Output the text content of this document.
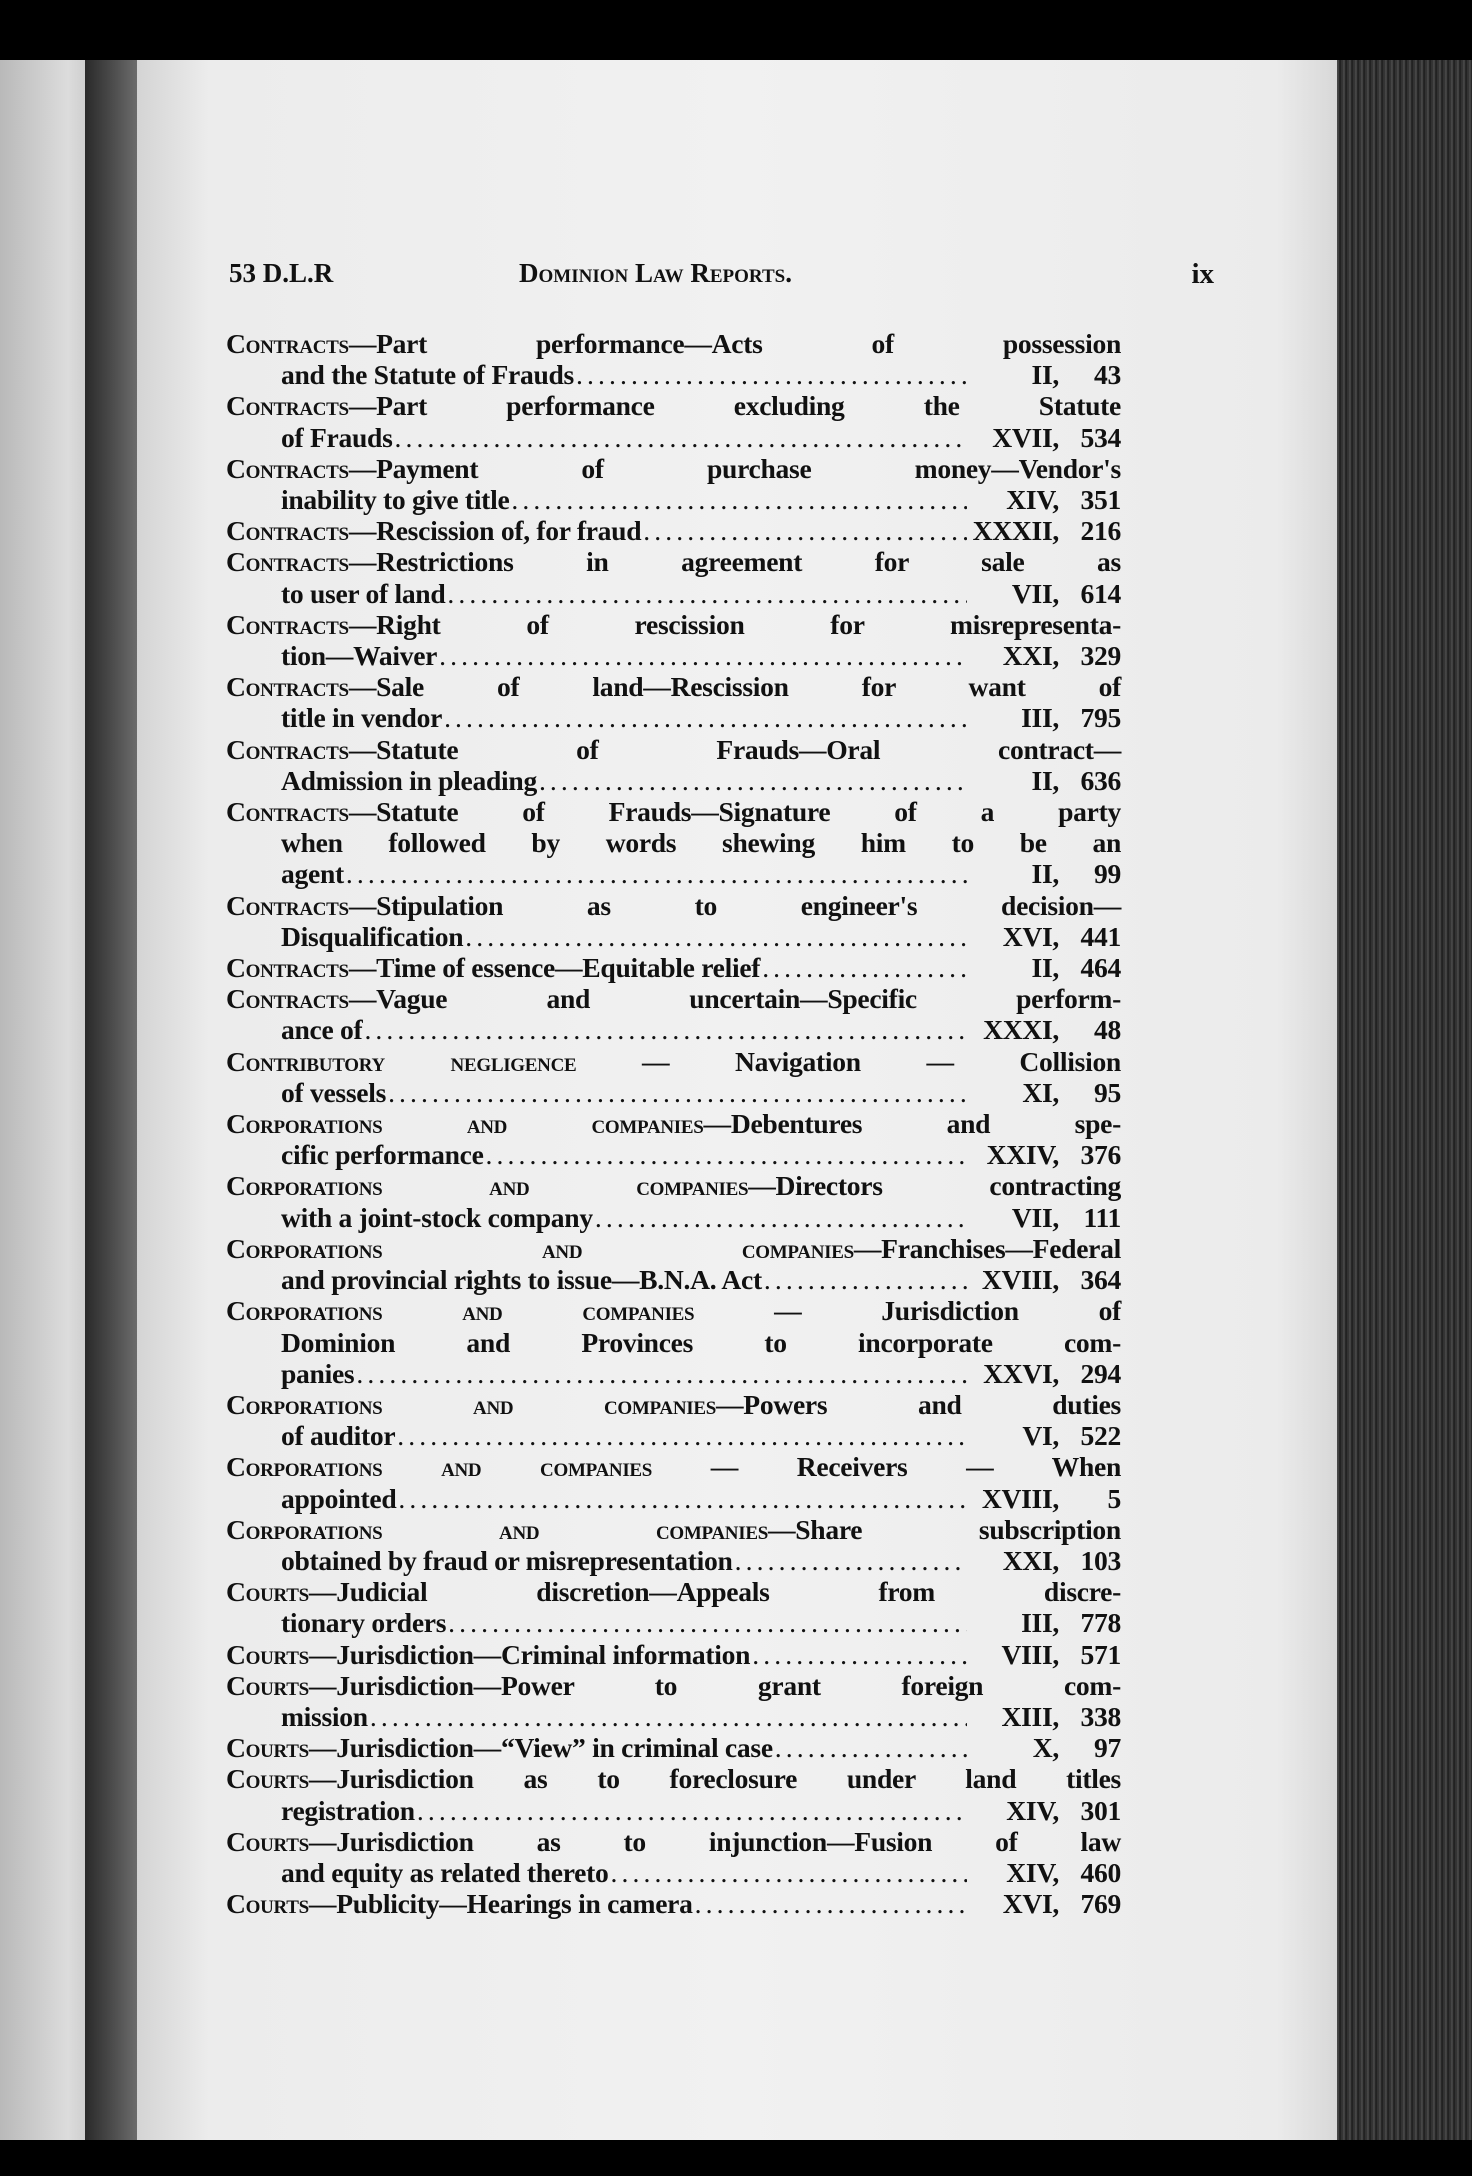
53 D.L.R	Dominion Law Reports.	ix
Contracts—Part performance—Acts of possession
and the Statute of Frauds . . .	II,	43
Contracts—Part performance excluding the Statute
of Frauds . . .	XVII, 534
Contracts—Payment of purchase money—Vendor's
inability to give title . . .	XIV, 351
Contracts —Rescission of, for fraud . . .	XXXII, 216
Contracts—Restrictions in agreement for sale as
to user of land . . .	VII, 614
Contracts—Right of rescission for misrepresenta-
tion—Waiver . . .	XXI, 329
Contracts—Sale of land—Rescission for want of
title in vendor . . .	III, 795
Contracts—Statute of Frauds—Oral contract—
Admission in pleading . . .	II, 636
Contracts—Statute of Frauds—Signature of a party
when followed by words shewing him to be an
agent . . .	II,	99
Contracts—Stipulation as to engineer's decision—
Disqualification . . .	XVI, 441
Contracts —Time of essence—Equitable relief . . .	II, 464
Contracts—Vague and uncertain—Specific perform-
ance of . . .	XXXI,	48
Contributory negligence — Navigation — Collision
of vessels . . .	XI,	95
Corporations and companies—Debentures and spe-
cific performance . . .	XXIV, 376
Corporations and companies—Directors contracting
with a joint-stock company . . .	VII, 111
Corporations and companies—Franchises—Federal
and provincial rights to issue—B.N.A. Act . . .	XVIII, 364
Corporations and companies — Jurisdiction of
Dominion and Provinces to incorporate com-
panies . . .	XXVI, 294
Corporations and companies—Powers and duties
of auditor . . .	VI, 522
Corporations and companies — Receivers — When
appointed . . .	XVIII,	5
Corporations and companies—Share subscription
obtained by fraud or misrepresentation . . .	XXI, 103
Courts—Judicial discretion—Appeals from discre-
tionary orders . . .	III, 778
Courts —Jurisdiction—Criminal information . . .	VIII, 571
Courts—Jurisdiction—Power to grant foreign com-
mission . . .	XIII, 338
Courts —Jurisdiction—“View” in criminal case . . .	X,	97
Courts—Jurisdiction as to foreclosure under land titles
registration . . .	XIV, 301
Courts—Jurisdiction as to injunction—Fusion of law
and equity as related thereto . . .	XIV, 460
Courts —Publicity—Hearings in camera . . .	XVI, 769
